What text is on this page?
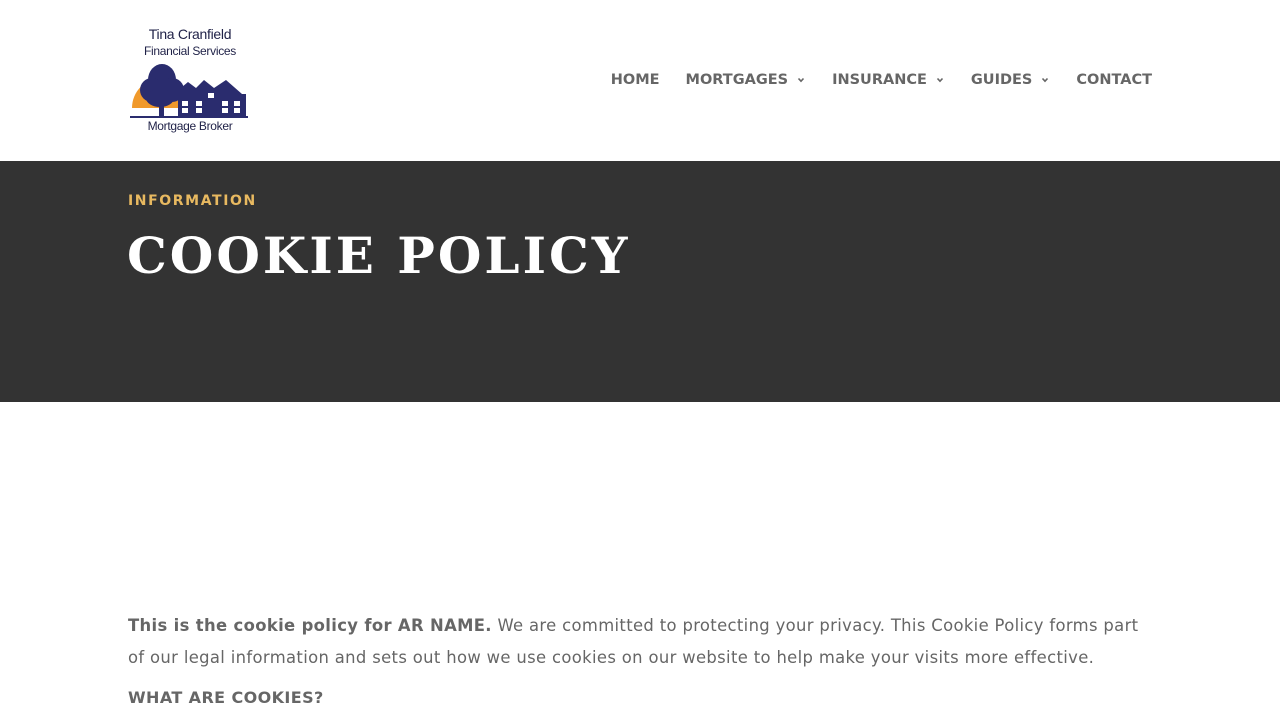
Tina Cranfield
Financial Services
Mortgage Broker
HOME MORTGAGES	INSURANCE	GUIDES	CONTACT
INFORMATION
COOKIE POLICY

This is the cookie policy for AR NAME. We are committed to protecting your privacy. This Cookie Policy forms part of our legal information and sets out how we use cookies on our website to help make your visits more effective.

WHAT ARE COOKIES?
